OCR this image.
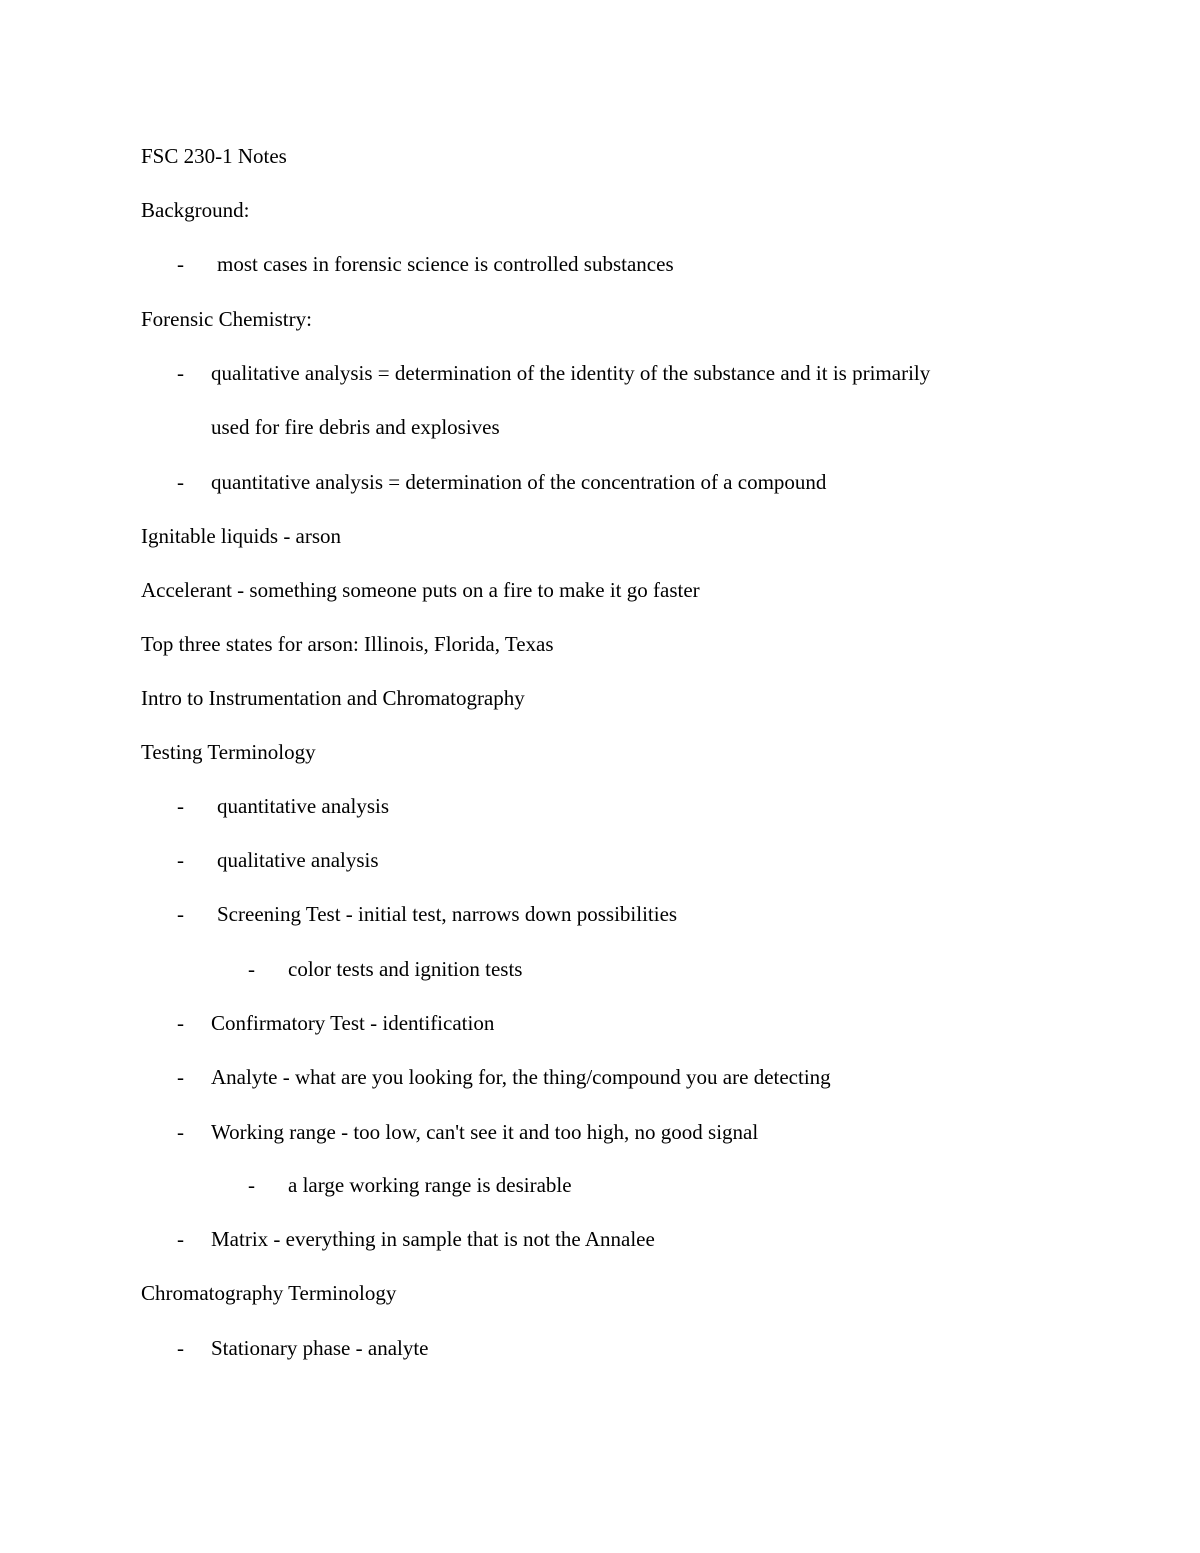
FSC 230-1 Notes
Background:
- most cases in forensic science is controlled substances
Forensic Chemistry:
- qualitative analysis = determination of the identity of the substance and it is primarily
used for fire debris and explosives
- quantitative analysis = determination of the concentration of a compound
Ignitable liquids - arson
Accelerant - something someone puts on a fire to make it go faster
Top three states for arson: Illinois, Florida, Texas
Intro to Instrumentation and Chromatography
Testing Terminology
- quantitative analysis
- qualitative analysis
- Screening Test - initial test, narrows down possibilities
- color tests and ignition tests
- Confirmatory Test - identification
- Analyte - what are you looking for, the thing/compound you are detecting
- Working range - too low, can't see it and too high, no good signal
- a large working range is desirable
- Matrix - everything in sample that is not the Annalee
Chromatography Terminology
- Stationary phase - analyte
